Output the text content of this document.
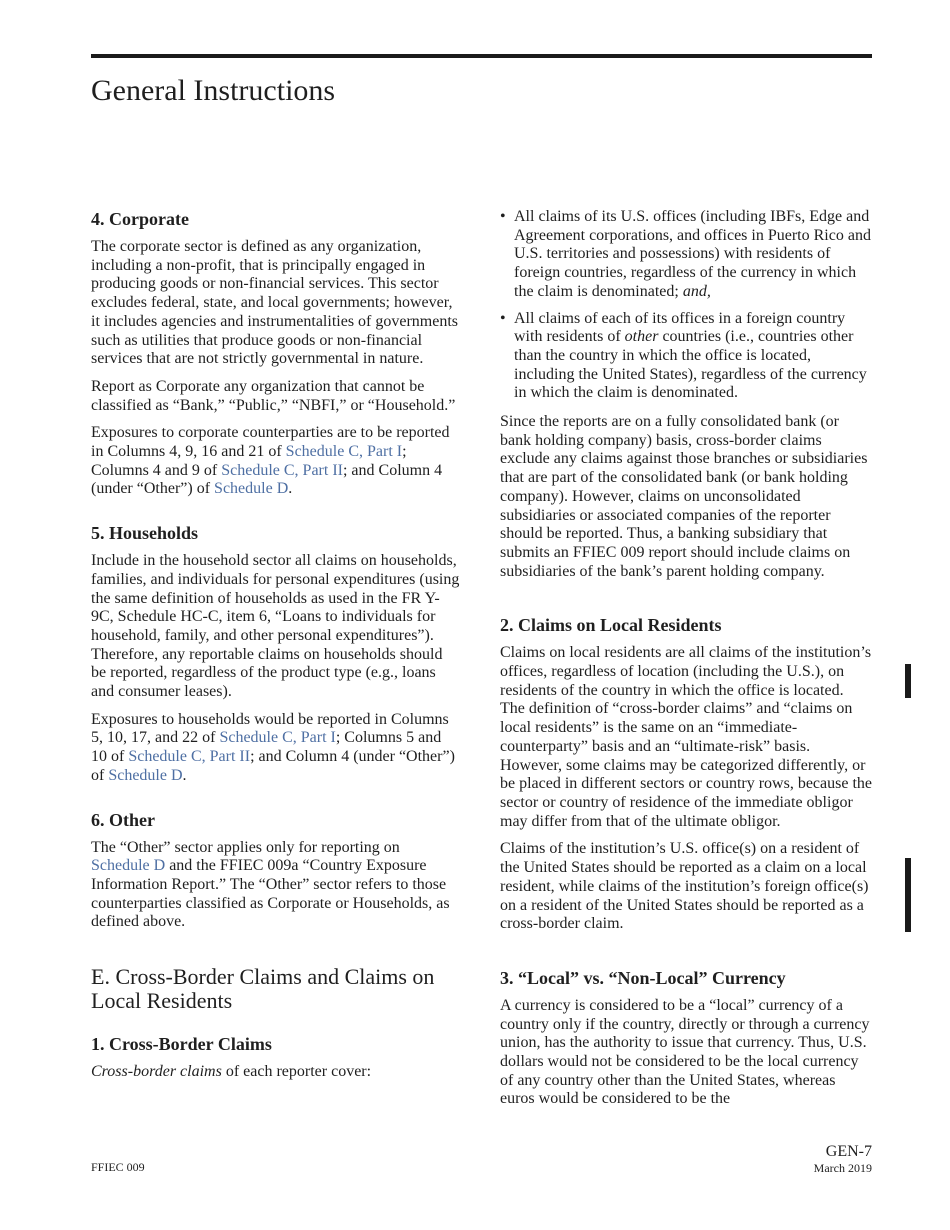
General Instructions
4. Corporate

The corporate sector is defined as any organization, including a non-profit, that is principally engaged in producing goods or non-financial services. This sector excludes federal, state, and local governments; however, it includes agencies and instrumentalities of governments such as utilities that produce goods or non-financial services that are not strictly governmental in nature.

Report as Corporate any organization that cannot be classified as “Bank,” “Public,” “NBFI,” or “Household.”

Exposures to corporate counterparties are to be reported in Columns 4, 9, 16 and 21 of Schedule C, Part I; Columns 4 and 9 of Schedule C, Part II; and Column 4 (under “Other”) of Schedule D.

5. Households

Include in the household sector all claims on households, families, and individuals for personal expenditures (using the same definition of households as used in the FR Y-9C, Schedule HC-C, item 6, “Loans to individuals for household, family, and other personal expenditures”). Therefore, any reportable claims on households should be reported, regardless of the product type (e.g., loans and consumer leases).

Exposures to households would be reported in Columns 5, 10, 17, and 22 of Schedule C, Part I; Columns 5 and 10 of Schedule C, Part II; and Column 4 (under “Other”) of Schedule D.

6. Other

The “Other” sector applies only for reporting on Schedule D and the FFIEC 009a “Country Exposure Information Report.” The “Other” sector refers to those counterparties classified as Corporate or Households, as defined above.

E. Cross-Border Claims and Claims on Local Residents
1. Cross-Border Claims

Cross-border claims of each reporter cover:

• All claims of its U.S. offices (including IBFs, Edge and Agreement corporations, and offices in Puerto Rico and U.S. territories and possessions) with residents of foreign countries, regardless of the currency in which the claim is denominated; and,
• All claims of each of its offices in a foreign country with residents of other countries (i.e., countries other than the country in which the office is located, including the United States), regardless of the currency in which the claim is denominated.

Since the reports are on a fully consolidated bank (or bank holding company) basis, cross-border claims exclude any claims against those branches or subsidiaries that are part of the consolidated bank (or bank holding company). However, claims on unconsolidated subsidiaries or associated companies of the reporter should be reported. Thus, a banking subsidiary that submits an FFIEC 009 report should include claims on subsidiaries of the bank’s parent holding company.

2. Claims on Local Residents

Claims on local residents are all claims of the institution’s offices, regardless of location (including the U.S.), on residents of the country in which the office is located. The definition of “cross-border claims” and “claims on local residents” is the same on an “immediate-counterparty” basis and an “ultimate-risk” basis. However, some claims may be categorized differently, or be placed in different sectors or country rows, because the sector or country of residence of the immediate obligor may differ from that of the ultimate obligor.

Claims of the institution’s U.S. office(s) on a resident of the United States should be reported as a claim on a local resident, while claims of the institution’s foreign office(s) on a resident of the United States should be reported as a cross-border claim.

3. “Local” vs. “Non-Local” Currency

A currency is considered to be a “local” currency of a country only if the country, directly or through a currency union, has the authority to issue that currency. Thus, U.S. dollars would not be considered to be the local currency of any country other than the United States, whereas euros would be considered to be the

FFIEC 009
GEN-7
March 2019
